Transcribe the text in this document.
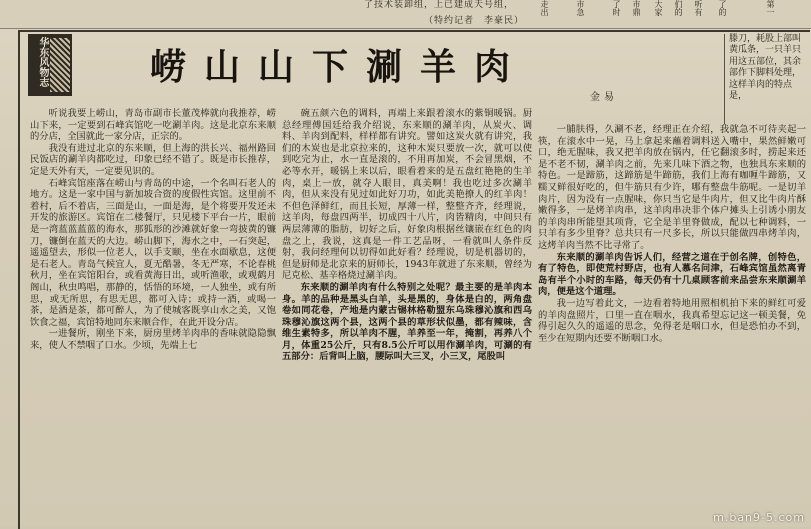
了技术装卸组，上已建成天号组，
（特约记者　李豪民）
走出	市急	了时	市鼎	大家	们的	听有	了的	第一
华东风物志	崂山山下涮羊肉
金易

滕刀，耗股上部叫黄瓜条，一只羊只用这五部位，其余部作下脚料处理，这样羊肉的特点是，

听说我要上崂山，青岛市副市长董茂棒就向我推荐，崂山下来，一定要到石峰宾馆吃一吃涮羊肉。这是北京东来顺的分店，全国就此一家分店，正宗的。

我没有进过北京的东来顺，但上海的洪长兴、福州路回民饭店的涮羊肉都吃过，印象已经不错了。既是市长推荐，定是天外有天，一定要见识的。

石峰宾馆座落在崂山与青岛的中途，一个名叫石老人的地方。这是一家中国与新加坡合资的度假性宾馆。这里前不着村，后不着店，三面是山，一面是海，是个将要开发还未开发的旅游区。宾馆在二楼餐厅，只见楼下平台一片，眼前是一湾蓝蓝蓝蓝的海水，那狐形的沙滩就好象一弯披黄的镰刀，镰倒在蓝天的大边。崂山脚下，海水之中，一石突起，遥遥望去，形似一位老人，以手支颐，坐在水面歇息，这便是石老人。青岛气候宜人，夏无酷暑，冬无严寒，不论春桃秋月，坐在宾馆阳台，或看黄海日出，或听渔歌，或观鹤月阁山，秋虫鸣唱，那静的，恬悟的环境，一人独坐，或有所思，或无所思，有思无思，都可入诗；或持一酒，或喝一茶，是酒是茶，都可醉人，为了使城客既享山水之美，又饱饮食之福，宾馆特地同东来顺合作，在此开设分店。

一进餐所，刚坐下来，厨房里烤羊肉串的香味就隐隐飘来，使人不禁咽了口水。少顷，先端上七

碗五颜六色的调料，再端上来跟着滚水的紫铜暖锅。厨总经理傅国廷给我介绍说，东来顺的涮羊肉，从炭火、调料、羊肉到配料，样样都有讲究。譬如这炭火就有讲究，我们的木炭也是北京拉来的，这种木炭只要放一次，就可以使到吃完为止，水一直是滚的，不用再加炭，不会冒黑烟，不必等水开，暖锅上来以后，眼看着来的是五盘红艳艳的生羊肉，桌上一放，就夺人眼目，真美啊！我也吃过多次涮羊肉，但从来没有见过如此好刀功，如此美艳撩人的红羊肉！不但色泽鲜红，而且长短，厚薄一样，整整齐齐，经理说，这羊肉，每盘四两半，切成四十八片，肉皆精肉，中间只有两层薄薄的脂肪，切好之后，好象肉根据丝镶嵌在红色的肉盘之上，我说，这真是一件工艺品呀，一看就叫人条件反射，我问经理何以切得如此好看？经理说，切是机器切的，但是厨师是北京来的厨师长，1943年就进了东来顺，曾经为尼克松、基辛格烧过涮羊肉。

东来顺的涮羊肉有什么特别之处呢？最主要的是羊肉本身。羊的品种是黑头白羊，头是黑的，身体是白的，两角盘卷如同花卷，产地是内蒙古锡林格勒盟东乌珠穆沁旗和西乌珠穆沁旗这两个县，这两个县的草形状似墨，都有辣味，含维生素特多，所以羊肉不腥，羊养至一年，掩割，再养八个月，体重25公斤，只有8.5公斤可以用作涮羊肉，可涮的有五部分：后背叫上脑，腰际叫大三叉，小三叉，尾股叫

一脯肤得，久涮不老，经理正在介绍，我就急不可待夹起一筷，在滚水中一晃，马上拿起来蘸着调料送入嘴中，果然鲜嫩可口，绝无腥味，我又把羊肉放在锅内，任它翻滚多时，捞起来还是不老不韧，涮羊肉之前，先来几味下酒之物，也独具东来顺的特色。一是蹄筋，这蹄筋是牛蹄筋，我们上海有咖喱牛蹄筋，又糯又鲜很好吃的，但牛筋只有少许，哪有整盘牛筋呢。一是切羊肉片，因为没有一点腥味，你只当它是牛肉片，但又比牛肉片酥嫩得多，一是烤羊肉串，这羊肉串决非个体户摊头上引诱小朋友的羊肉串所能望其项背，它全是羊里脊做成，配以七种调料，一只羊有多少里脊？总共只有一尺多长，所以只能做四串烤羊肉，这烤羊肉当然不比寻常了。

东来顺的涮羊肉告诉人们，经营之道在于创名牌，创特色，有了特色，即使荒村野店，也有人慕名问津，石峰宾馆虽然离青岛有半个小时的车路，每天仍有十几桌顾客前来品尝东来顺涮羊肉，便是这个道理。

我一边写着此文，一边看着特地用照相机拍下来的鲜红可爱的羊肉盘照片，口里一直在咽水，我真希望忘记这一顿美餐，免得引起久久的遥遥的思念，免得老是咽口水，但是恐怕办不到，至少在短期内还要不断咽口水。

m.ban9-5.com
